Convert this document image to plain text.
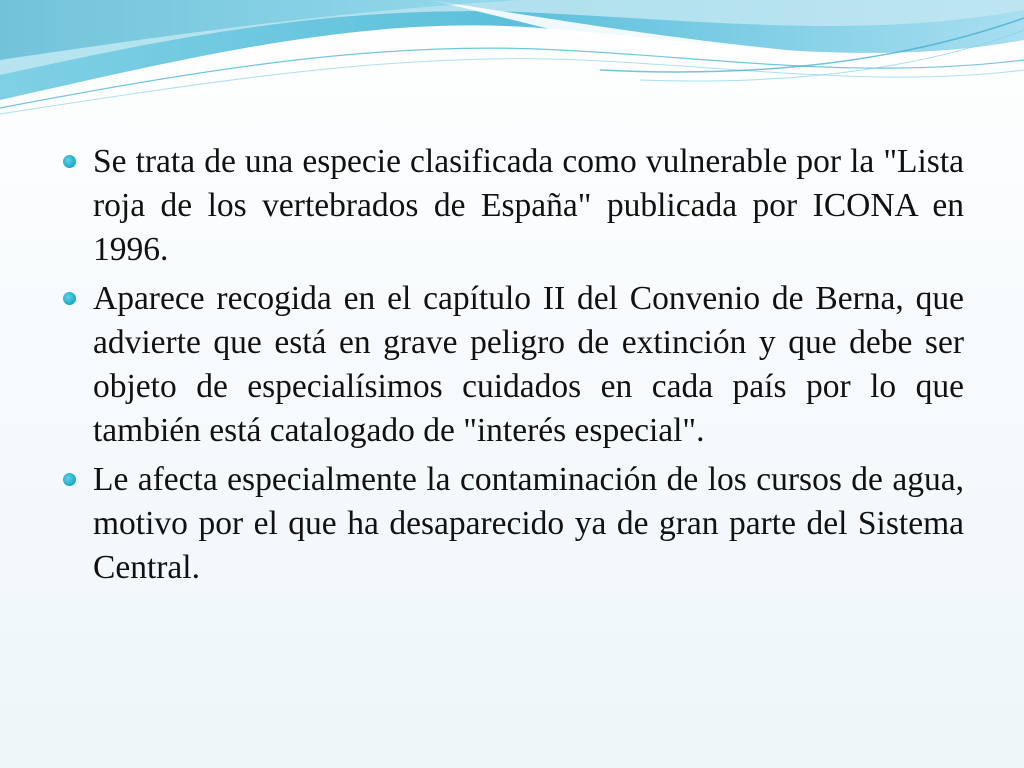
Se trata de una especie clasificada como vulnerable por la "Lista roja de los vertebrados de España" publicada por ICONA en 1996.
Aparece recogida en el capítulo II del Convenio de Berna, que advierte que está en grave peligro de extinción y que debe ser objeto de especialísimos cuidados en cada país por lo que también está catalogado de "interés especial".
Le afecta especialmente la contaminación de los cursos de agua, motivo por el que ha desaparecido ya de gran parte del Sistema Central.
